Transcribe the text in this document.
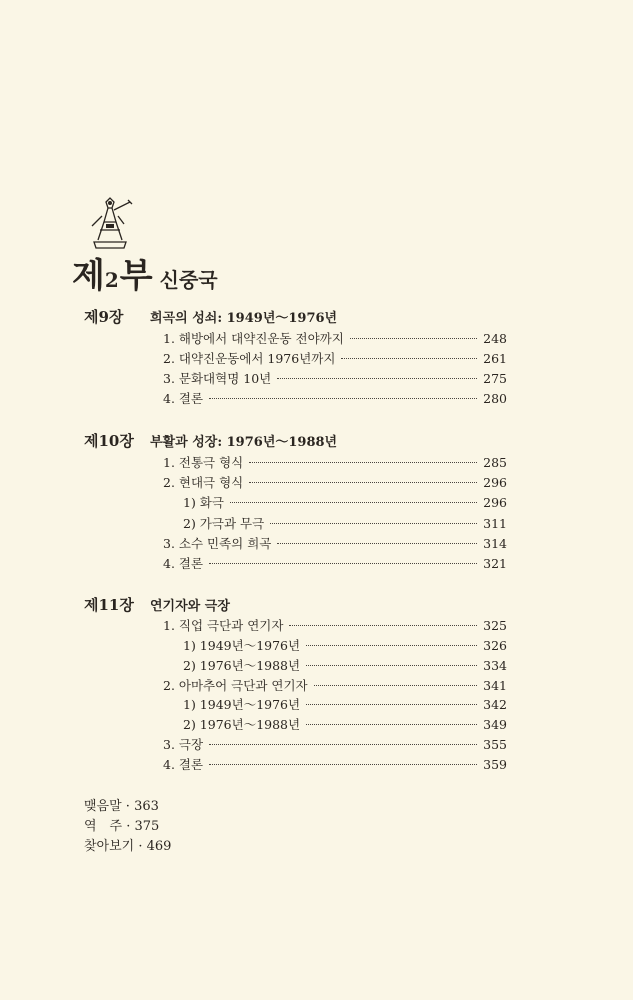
제 2 부 신중국
제9장	희곡의 성쇠: 1949년～1976년
1. 해방에서 대약진운동 전야까지	248
2. 대약진운동에서 1976년까지	261
3. 문화대혁명 10년	275
4. 결론	280
제10장	부활과 성장: 1976년～1988년
1. 전통극 형식	285
2. 현대극 형식	296
1) 화극	296
2) 가극과 무극	311
3. 소수 민족의 희곡	314
4. 결론	321
제11장	연기자와 극장
1. 직업 극단과 연기자	325
1) 1949년～1976년	326
2) 1976년～1988년	334
2. 아마추어 극단과 연기자	341
1) 1949년～1976년	342
2) 1976년～1988년	349
3. 극장	355
4. 결론	359
맺음말 · 363
역　주 · 375
찾아보기 · 469
